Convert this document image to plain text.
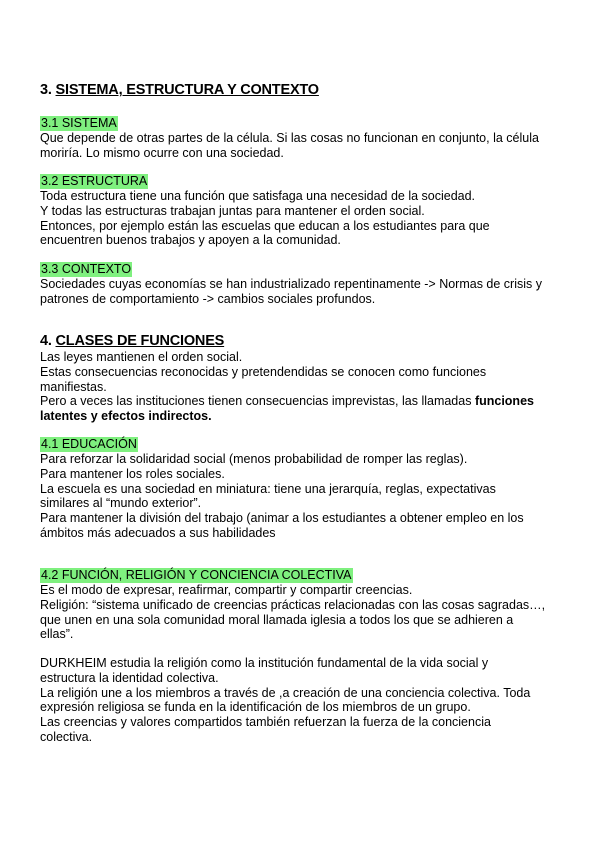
3. SISTEMA, ESTRUCTURA Y CONTEXTO
3.1 SISTEMA
Que depende de otras partes de la célula. Si las cosas no funcionan en conjunto, la célula
moriría. Lo mismo ocurre con una sociedad.
3.2 ESTRUCTURA
Toda estructura tiene una función que satisfaga una necesidad de la sociedad.
Y todas las estructuras trabajan juntas para mantener el orden social.
Entonces, por ejemplo están las escuelas que educan a los estudiantes para que
encuentren buenos trabajos y apoyen a la comunidad.
3.3 CONTEXTO
Sociedades cuyas economías se han industrializado repentinamente -> Normas de crisis y
patrones de comportamiento -> cambios sociales profundos.
4. CLASES DE FUNCIONES
Las leyes mantienen el orden social.
Estas consecuencias reconocidas y pretendendidas se conocen como funciones
manifiestas.
Pero a veces las instituciones tienen consecuencias imprevistas, las llamadas funciones
latentes y efectos indirectos.
4.1 EDUCACIÓN
Para reforzar la solidaridad social (menos probabilidad de romper las reglas).
Para mantener los roles sociales.
La escuela es una sociedad en miniatura: tiene una jerarquía, reglas, expectativas
similares al “mundo exterior”.
Para mantener la división del trabajo (animar a los estudiantes a obtener empleo en los
ámbitos más adecuados a sus habilidades
4.2 FUNCIÓN, RELIGIÓN Y CONCIENCIA COLECTIVA
Es el modo de expresar, reafirmar, compartir y compartir creencias.
Religión: “sistema unificado de creencias prácticas relacionadas con las cosas sagradas…,
que unen en una sola comunidad moral llamada iglesia a todos los que se adhieren a
ellas”.
DURKHEIM estudia la religión como la institución fundamental de la vida social y
estructura la identidad colectiva.
La religión une a los miembros a través de ,a creación de una conciencia colectiva. Toda
expresión religiosa se funda en la identificación de los miembros de un grupo.
Las creencias y valores compartidos también refuerzan la fuerza de la conciencia
colectiva.
